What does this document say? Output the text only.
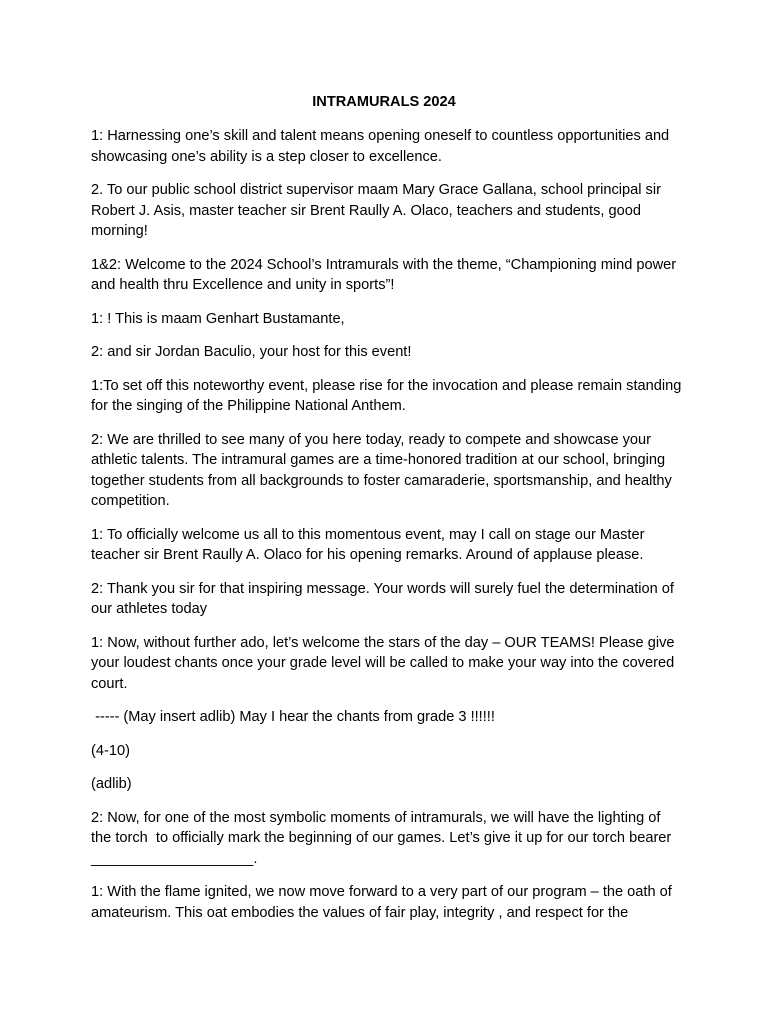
INTRAMURALS 2024

1: Harnessing one’s skill and talent means opening oneself to countless opportunities and showcasing one’s ability is a step closer to excellence.

2. To our public school district supervisor maam Mary Grace Gallana, school principal sir Robert J. Asis, master teacher sir Brent Raully A. Olaco, teachers and students, good morning!

1&2: Welcome to the 2024 School’s Intramurals with the theme, “Championing mind power and health thru Excellence and unity in sports”!

1: ! This is maam Genhart Bustamante,

2: and sir Jordan Baculio, your host for this event!

1:To set off this noteworthy event, please rise for the invocation and please remain standing for the singing of the Philippine National Anthem.

2: We are thrilled to see many of you here today, ready to compete and showcase your athletic talents. The intramural games are a time-honored tradition at our school, bringing together students from all backgrounds to foster camaraderie, sportsmanship, and healthy competition.

1: To officially welcome us all to this momentous event, may I call on stage our Master teacher sir Brent Raully A. Olaco for his opening remarks. Around of applause please.

2: Thank you sir for that inspiring message. Your words will surely fuel the determination of our athletes today

1: Now, without further ado, let’s welcome the stars of the day – OUR TEAMS! Please give your loudest chants once your grade level will be called to make your way into the covered court.

----- (May insert adlib) May I hear the chants from grade 3 !!!!!!

(4-10)

(adlib)

2: Now, for one of the most symbolic moments of intramurals, we will have the lighting of the torch  to officially mark the beginning of our games. Let’s give it up for our torch bearer ____________________.

1: With the flame ignited, we now move forward to a very part of our program – the oath of amateurism. This oat embodies the values of fair play, integrity , and respect for the
